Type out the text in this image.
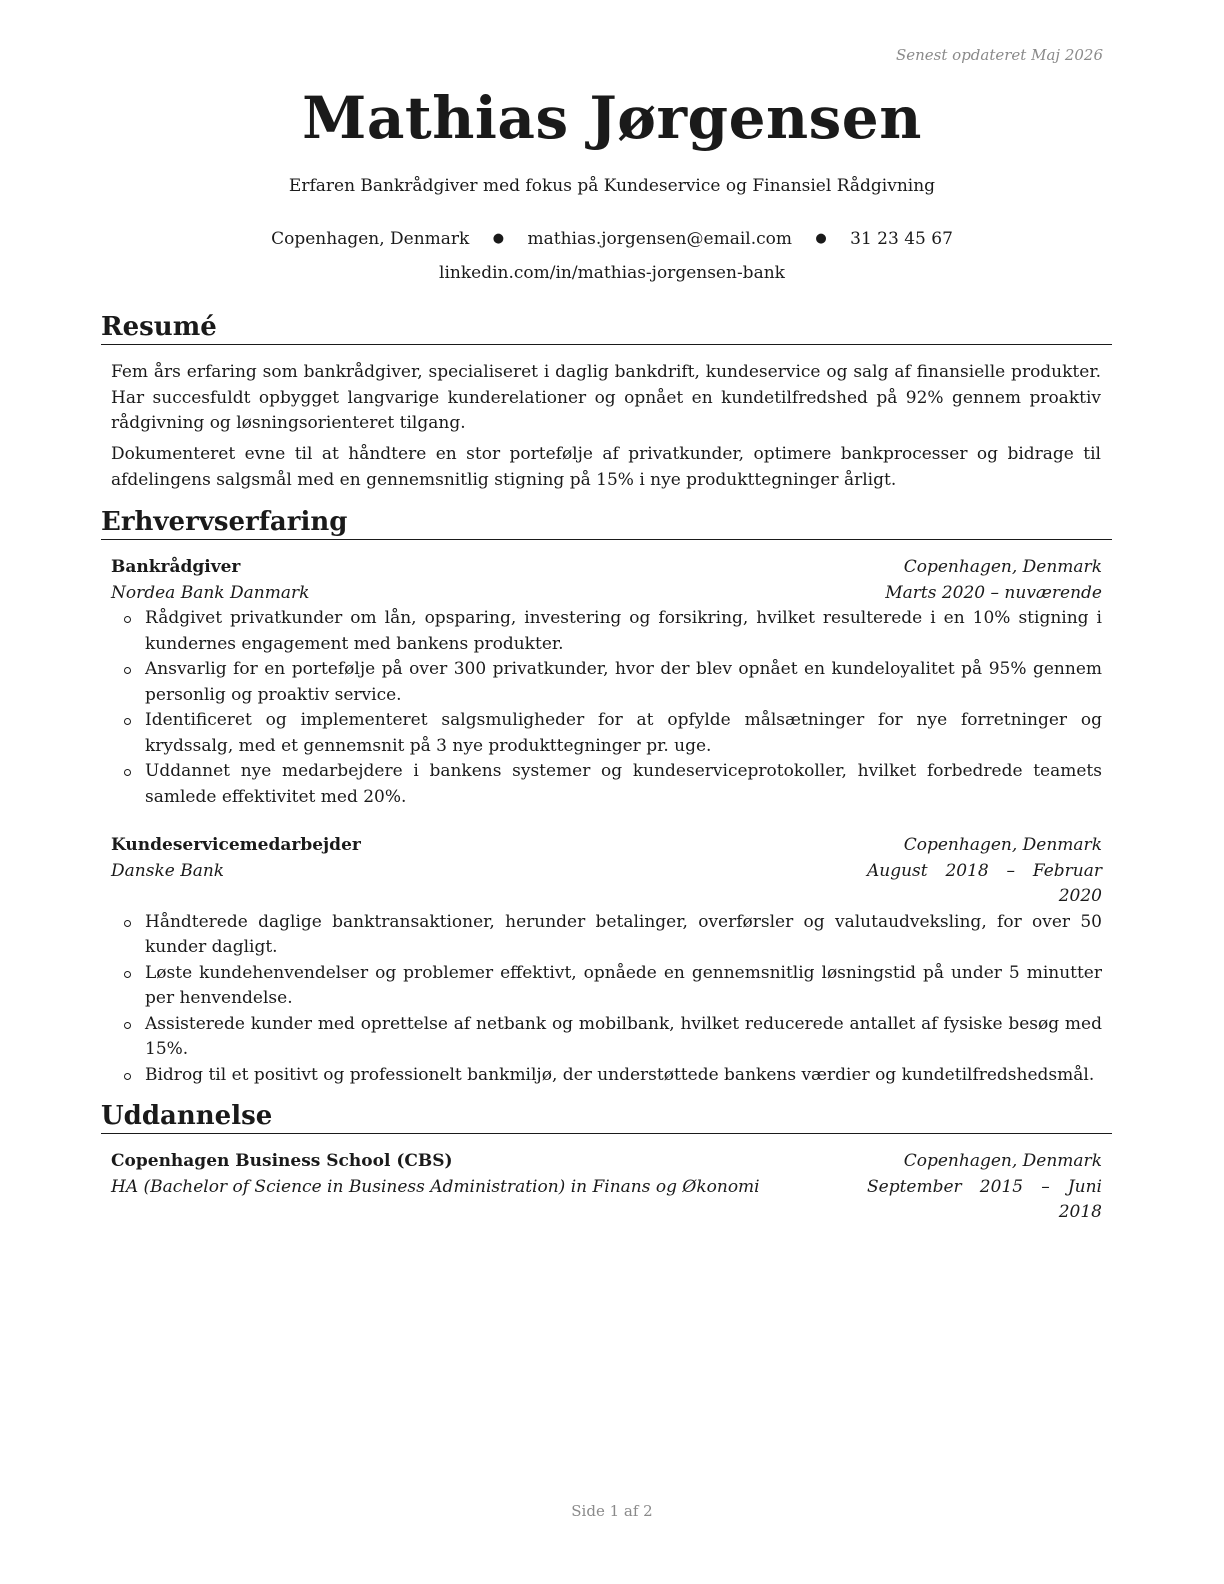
Senest opdateret Maj 2026
Mathias Jørgensen
Erfaren Bankrådgiver med fokus på Kundeservice og Finansiel Rådgivning
Copenhagen, Denmark ● mathias.jorgensen@email.com ● 31 23 45 67
linkedin.com/in/mathias-jorgensen-bank
Resumé
Fem års erfaring som bankrådgiver, specialiseret i daglig bankdrift, kundeservice og salg af finansielle produkter. Har succesfuldt opbygget langvarige kunderelationer og opnået en kundetilfredshed på 92% gennem proaktiv rådgivning og løsningsorienteret tilgang.
Dokumenteret evne til at håndtere en stor portefølje af privatkunder, optimere bankprocesser og bidrage til afdelingens salgsmål med en gennemsnitlig stigning på 15% i nye produkttegninger årligt.
Erhvervserfaring
Bankrådgiver	Copenhagen, Denmark
Nordea Bank Danmark	Marts 2020 – nuværende
Rådgivet privatkunder om lån, opsparing, investering og forsikring, hvilket resulterede i en 10% stigning i kundernes engagement med bankens produkter.
Ansvarlig for en portefølje på over 300 privatkunder, hvor der blev opnået en kundeloyalitet på 95% gennem personlig og proaktiv service.
Identificeret og implementeret salgsmuligheder for at opfylde målsætninger for nye forretninger og krydssalg, med et gennemsnit på 3 nye produkttegninger pr. uge.
Uddannet nye medarbejdere i bankens systemer og kundeserviceprotokoller, hvilket forbedrede teamets samlede effektivitet med 20%.
Kundeservicemedarbejder	Copenhagen, Denmark
Danske Bank	August 2018 – Februar 2020
Håndterede daglige banktransaktioner, herunder betalinger, overførsler og valutaudveksling, for over 50 kunder dagligt.
Løste kundehenvendelser og problemer effektivt, opnåede en gennemsnitlig løsningstid på under 5 minutter per henvendelse.
Assisterede kunder med oprettelse af netbank og mobilbank, hvilket reducerede antallet af fysiske besøg med 15%.
Bidrog til et positivt og professionelt bankmiljø, der understøttede bankens værdier og kundetilfredshedsmål.
Uddannelse
Copenhagen Business School (CBS)	Copenhagen, Denmark
HA (Bachelor of Science in Business Administration) in Finans og Økonomi	September 2015 – Juni 2018
Side 1 af 2
